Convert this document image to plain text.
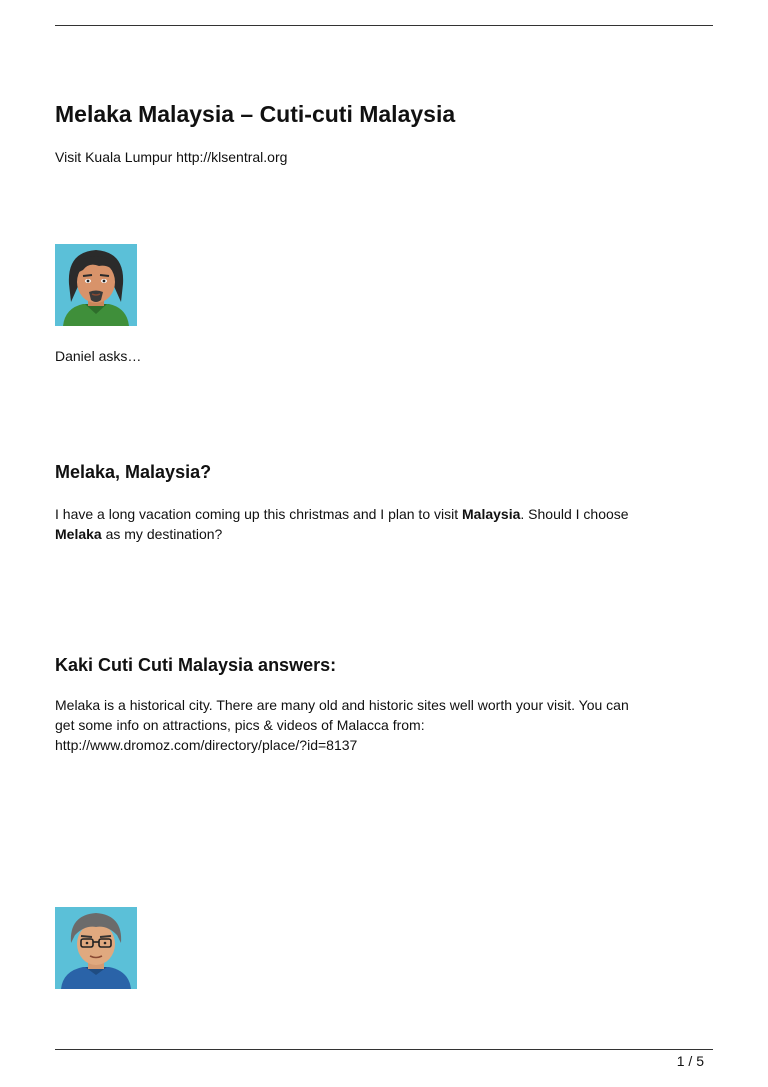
Melaka Malaysia – Cuti-cuti Malaysia

Visit Kuala Lumpur http://klsentral.org

Daniel asks…

Melaka, Malaysia?

I have a long vacation coming up this christmas and I plan to visit Malaysia. Should I choose
Melaka as my destination?

Kaki Cuti Cuti Malaysia answers:

Melaka is a historical city. There are many old and historic sites well worth your visit. You can
get some info on attractions, pics & videos of Malacca from:
http://www.dromoz.com/directory/place/?id=8137

1 / 5
